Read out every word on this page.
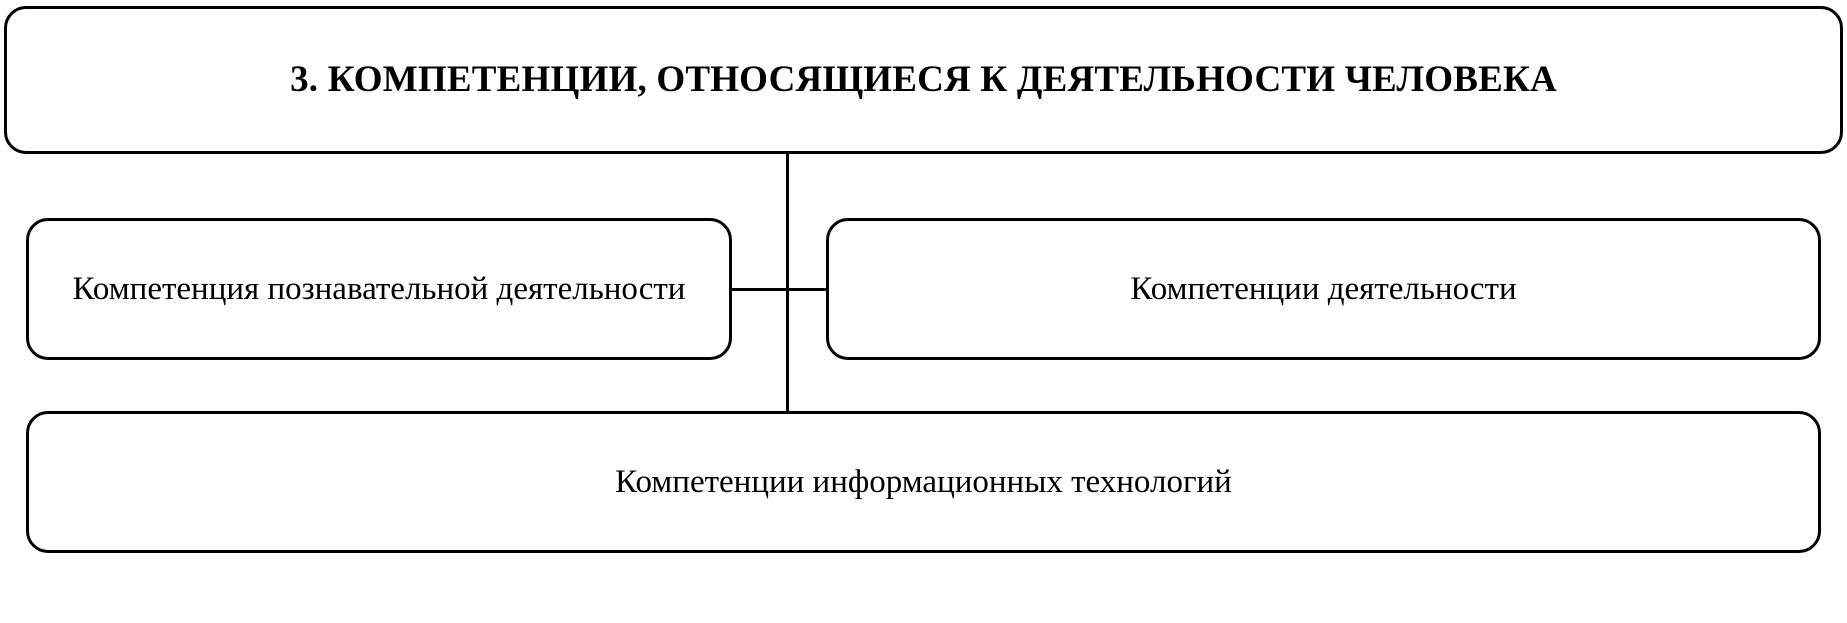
3. КОМПЕТЕНЦИИ, ОТНОСЯЩИЕСЯ К ДЕЯТЕЛЬНОСТИ ЧЕЛОВЕКА
Компетенция познавательной деятельности	Компетенции деятельности
Компетенции информационных технологий
